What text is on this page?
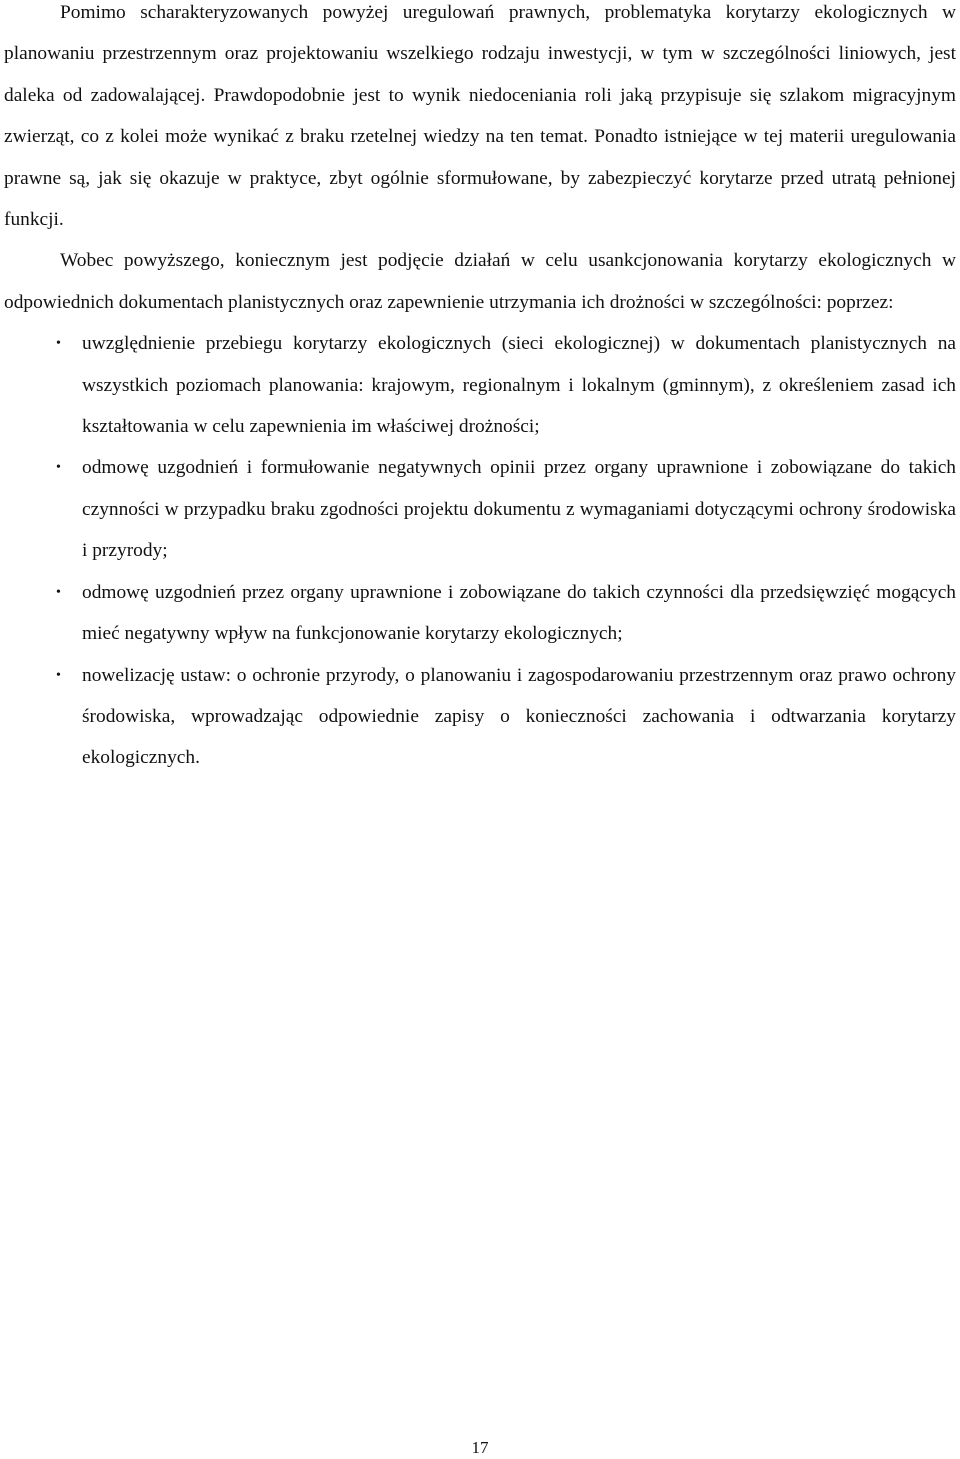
Pomimo scharakteryzowanych powyżej uregulowań prawnych, problematyka korytarzy ekologicznych w planowaniu przestrzennym oraz projektowaniu wszelkiego rodzaju inwestycji, w tym w szczególności liniowych, jest daleka od zadowalającej. Prawdopodobnie jest to wynik niedoceniania roli jaką przypisuje się szlakom migracyjnym zwierząt, co z kolei może wynikać z braku rzetelnej wiedzy na ten temat. Ponadto istniejące w tej materii uregulowania prawne są, jak się okazuje w praktyce, zbyt ogólnie sformułowane, by zabezpieczyć korytarze przed utratą pełnionej funkcji.

Wobec powyższego, koniecznym jest podjęcie działań w celu usankcjonowania korytarzy ekologicznych w odpowiednich dokumentach planistycznych oraz zapewnienie utrzymania ich drożności w szczególności: poprzez:

• uwzględnienie przebiegu korytarzy ekologicznych (sieci ekologicznej) w dokumentach planistycznych na wszystkich poziomach planowania: krajowym, regionalnym i lokalnym (gminnym), z określeniem zasad ich kształtowania w celu zapewnienia im właściwej drożności;
• odmowę uzgodnień i formułowanie negatywnych opinii przez organy uprawnione i zobowiązane do takich czynności w przypadku braku zgodności projektu dokumentu z wymaganiami dotyczącymi ochrony środowiska i przyrody;
• odmowę uzgodnień przez organy uprawnione i zobowiązane do takich czynności dla przedsięwzięć mogących mieć negatywny wpływ na funkcjonowanie korytarzy ekologicznych;
• nowelizację ustaw: o ochronie przyrody, o planowaniu i zagospodarowaniu przestrzennym oraz prawo ochrony środowiska, wprowadzając odpowiednie zapisy o konieczności zachowania i odtwarzania korytarzy ekologicznych.
17
